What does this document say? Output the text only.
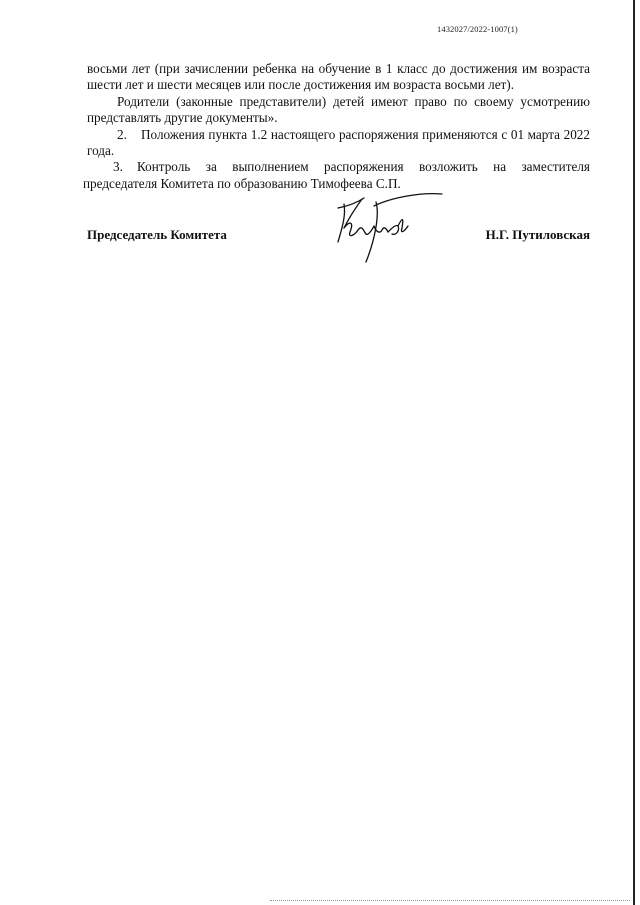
1432027/2022-1007(1)

восьми лет (при зачислении ребенка на обучение в 1 класс до достижения им возраста шести лет и шести месяцев или после достижения им возраста восьми лет).

Родители (законные представители) детей имеют право по своему усмотрению представлять другие документы».

2. Положения пункта 1.2 настоящего распоряжения применяются с 01 марта 2022 года.

3. Контроль за выполнением распоряжения возложить на заместителя председателя Комитета по образованию Тимофеева С.П.

Председатель Комитета	Н.Г. Путиловская
